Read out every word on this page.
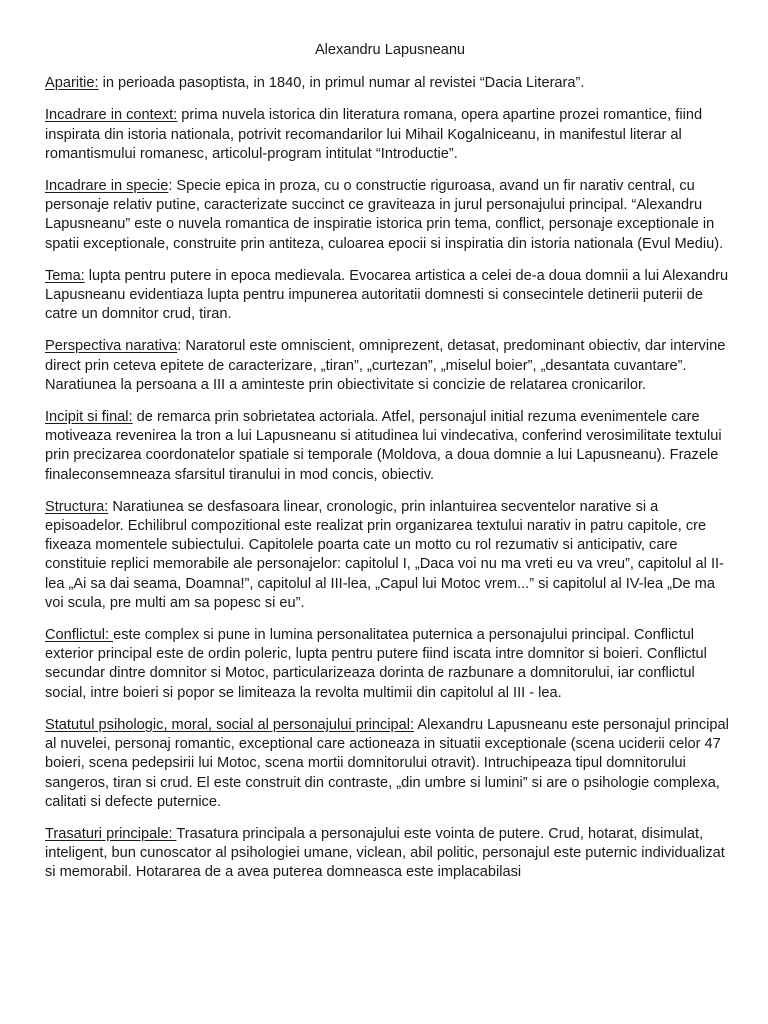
Alexandru Lapusneanu

Aparitie: in perioada pasoptista, in 1840, in primul numar al revistei “Dacia Literara”.

Incadrare in context: prima nuvela istorica din literatura romana, opera apartine prozei romantice, fiind inspirata din istoria nationala, potrivit recomandarilor lui Mihail Kogalniceanu, in manifestul literar al romantismului romanesc, articolul-program intitulat “Introductie”.

Incadrare in specie: Specie epica in proza, cu o constructie riguroasa, avand un fir narativ central, cu personaje relativ putine, caracterizate succinct ce graviteaza in jurul personajului principal. “Alexandru Lapusneanu” este o nuvela romantica de inspiratie istorica prin tema, conflict, personaje exceptionale in spatii exceptionale, construite prin antiteza, culoarea epocii si inspiratia din istoria nationala (Evul Mediu).

Tema: lupta pentru putere in epoca medievala. Evocarea artistica a celei de-a doua domnii a lui Alexandru Lapusneanu evidentiaza lupta pentru impunerea autoritatii domnesti si consecintele detinerii puterii de catre un domnitor crud, tiran.

Perspectiva narativa: Naratorul este omniscient, omniprezent, detasat, predominant obiectiv, dar intervine direct prin ceteva epitete de caracterizare, „tiran”, „curtezan”, „miselul boier”, „desantata cuvantare”. Naratiunea la persoana a III a aminteste prin obiectivitate si concizie de relatarea cronicarilor.

Incipit si final: de remarca prin sobrietatea actoriala. Atfel, personajul initial rezuma evenimentele care motiveaza revenirea la tron a lui Lapusneanu si atitudinea lui vindecativa, conferind verosimilitate textului prin precizarea coordonatelor spatiale si temporale (Moldova, a doua domnie a lui Lapusneanu). Frazele finaleconsemneaza sfarsitul tiranului in mod concis, obiectiv.

Structura: Naratiunea se desfasoara linear, cronologic, prin inlantuirea secventelor narative si a episoadelor. Echilibrul compozitional este realizat prin organizarea textului narativ in patru capitole, cre fixeaza momentele subiectului. Capitolele poarta cate un motto cu rol rezumativ si anticipativ, care constituie replici memorabile ale personajelor: capitolul I, „Daca voi nu ma vreti eu va vreu”, capitolul al II-lea „Ai sa dai seama, Doamna!”, capitolul al III-lea, „Capul lui Motoc vrem...” si capitolul al IV-lea „De ma voi scula, pre multi am sa popesc si eu”.

Conflictul: este complex si pune in lumina personalitatea puternica a personajului principal. Conflictul exterior principal este de ordin poleric, lupta pentru putere fiind iscata intre domnitor si boieri. Conflictul secundar dintre domnitor si Motoc, particularizeaza dorinta de razbunare a domnitorului, iar conflictul social, intre boieri si popor se limiteaza la revolta multimii din capitolul al III - lea.

Statutul psihologic, moral, social al personajului principal: Alexandru Lapusneanu este personajul principal al nuvelei, personaj romantic, exceptional care actioneaza in situatii exceptionale (scena uciderii celor 47 boieri, scena pedepsirii lui Motoc, scena mortii domnitorului otravit). Intruchipeaza tipul domnitorului sangeros, tiran si crud. El este construit din contraste, „din umbre si lumini” si are o psihologie complexa, calitati si defecte puternice.

Trasaturi principale: Trasatura principala a personajului este vointa de putere. Crud, hotarat, disimulat, inteligent, bun cunoscator al psihologiei umane, viclean, abil politic, personajul este puternic individualizat si memorabil. Hotararea de a avea puterea domneasca este implacabilasi
